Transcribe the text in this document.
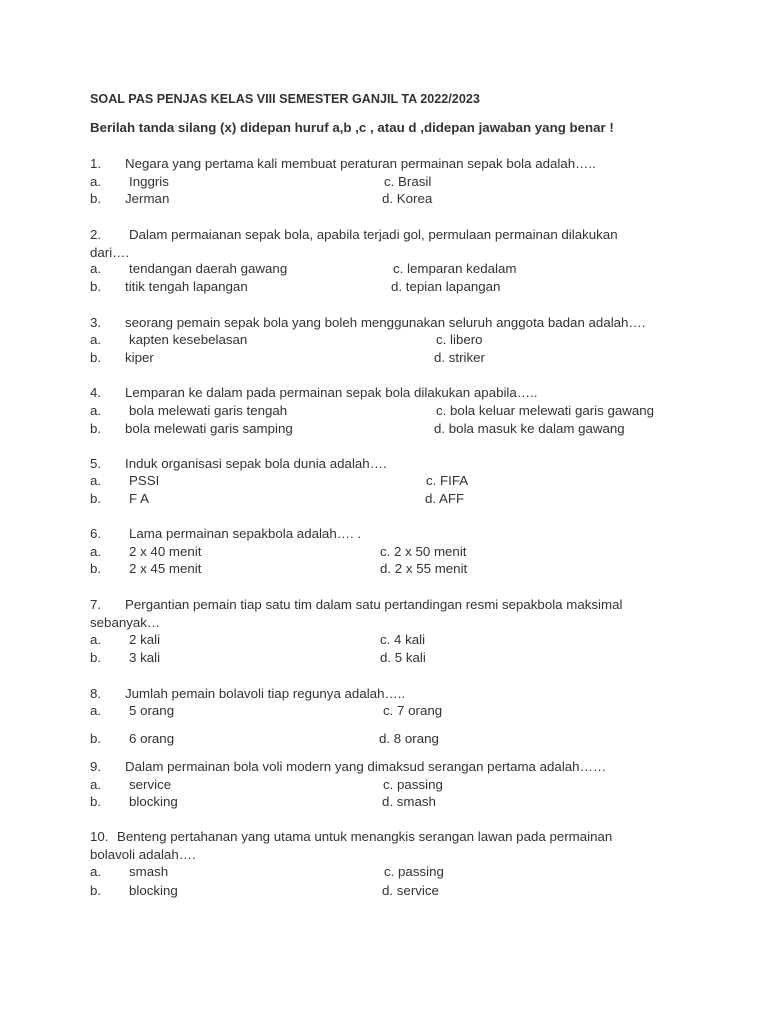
SOAL PAS PENJAS KELAS VIII SEMESTER GANJIL TA 2022/2023
Berilah tanda silang (x) didepan huruf a,b ,c , atau d ,didepan jawaban yang benar !
1. Negara yang pertama kali membuat peraturan permainan sepak bola adalah…..
a. Inggris
b. Jerman
c. Brasil
d. Korea
2. Dalam permaianan sepak bola, apabila terjadi gol, permulaan permainan dilakukan
dari….
a. tendangan daerah gawang
b. titik tengah lapangan
c. lemparan kedalam
d. tepian lapangan
3. seorang pemain sepak bola yang boleh menggunakan seluruh anggota badan adalah….
a. kapten kesebelasan
b. kiper
c. libero
d. striker
4. Lemparan ke dalam pada permainan sepak bola dilakukan apabila…..
a. bola melewati garis tengah
b. bola melewati garis samping
c. bola keluar melewati garis gawang
d. bola masuk ke dalam gawang
5. Induk organisasi sepak bola dunia adalah….
a. PSSI
b. F A
c. FIFA
d. AFF
6. Lama permainan sepakbola adalah…. .
a. 2 x 40 menit
b. 2 x 45 menit
c. 2 x 50 menit
d. 2 x 55 menit
7. Pergantian pemain tiap satu tim dalam satu pertandingan resmi sepakbola maksimal
sebanyak…
a. 2 kali
b. 3 kali
c. 4 kali
d. 5 kali
8. Jumlah pemain bolavoli tiap regunya adalah…..
a. 5 orang
b. 6 orang
c. 7 orang
d. 8 orang
9. Dalam permainan bola voli modern yang dimaksud serangan pertama adalah……
a. service
b. blocking
c. passing
d. smash
10. Benteng pertahanan yang utama untuk menangkis serangan lawan pada permainan
bolavoli adalah….
a. smash
b. blocking
c. passing
d. service
